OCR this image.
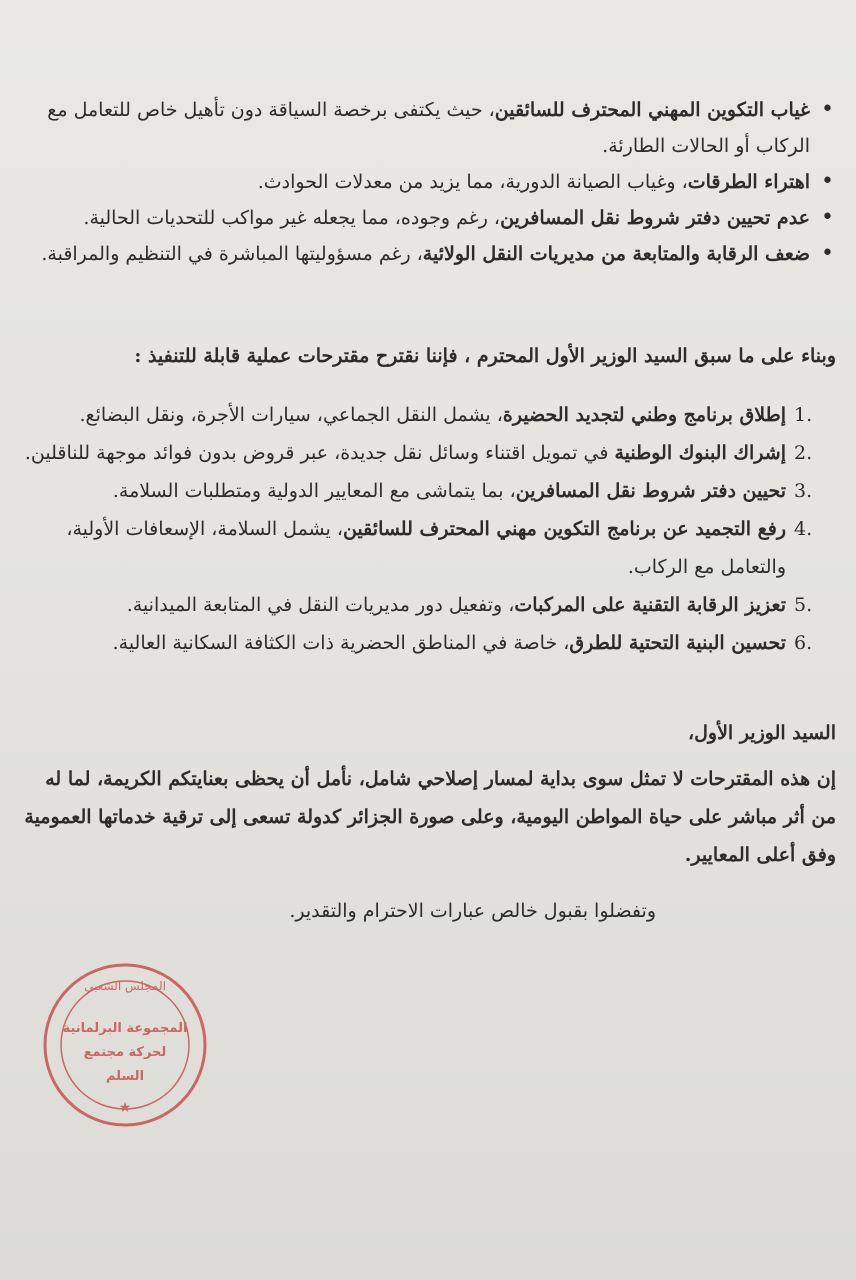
• غياب التكوين المهني المحترف للسائقين، حيث يكتفى برخصة السياقة دون تأهيل خاص للتعامل مع الركاب أو الحالات الطارئة.
• اهتراء الطرقات، وغياب الصيانة الدورية، مما يزيد من معدلات الحوادث.
• عدم تحيين دفتر شروط نقل المسافرين، رغم وجوده، مما يجعله غير مواكب للتحديات الحالية.
• ضعف الرقابة والمتابعة من مديريات النقل الولائية، رغم مسؤوليتها المباشرة في التنظيم والمراقبة.
وبناء على ما سبق السيد الوزير الأول المحترم ، فإننا نقترح مقترحات عملية قابلة للتنفيذ :
1.
إطلاق برنامج وطني لتجديد الحضيرة، يشمل النقل الجماعي، سيارات الأجرة، ونقل البضائع.
2.
إشراك البنوك الوطنية في تمويل اقتناء وسائل نقل جديدة، عبر قروض بدون فوائد موجهة للناقلين.
3.
تحيين دفتر شروط نقل المسافرين، بما يتماشى مع المعايير الدولية ومتطلبات السلامة.
4.
رفع التجميد عن برنامج التكوين مهني المحترف للسائقين، يشمل السلامة، الإسعافات الأولية، والتعامل مع الركاب.
5.
تعزيز الرقابة التقنية على المركبات، وتفعيل دور مديريات النقل في المتابعة الميدانية.
6.
تحسين البنية التحتية للطرق، خاصة في المناطق الحضرية ذات الكثافة السكانية العالية.
السيد الوزير الأول،
إن هذه المقترحات لا تمثل سوى بداية لمسار إصلاحي شامل، نأمل أن يحظى بعنايتكم الكريمة، لما له من أثر مباشر على حياة المواطن اليومية، وعلى صورة الجزائر كدولة تسعى إلى ترقية خدماتها العمومية وفق أعلى المعايير.
وتفضلوا بقبول خالص عبارات الاحترام والتقدير.
المجلس الشعبي
المجموعة البرلمانية
لحركة مجتمع
السلم
★
